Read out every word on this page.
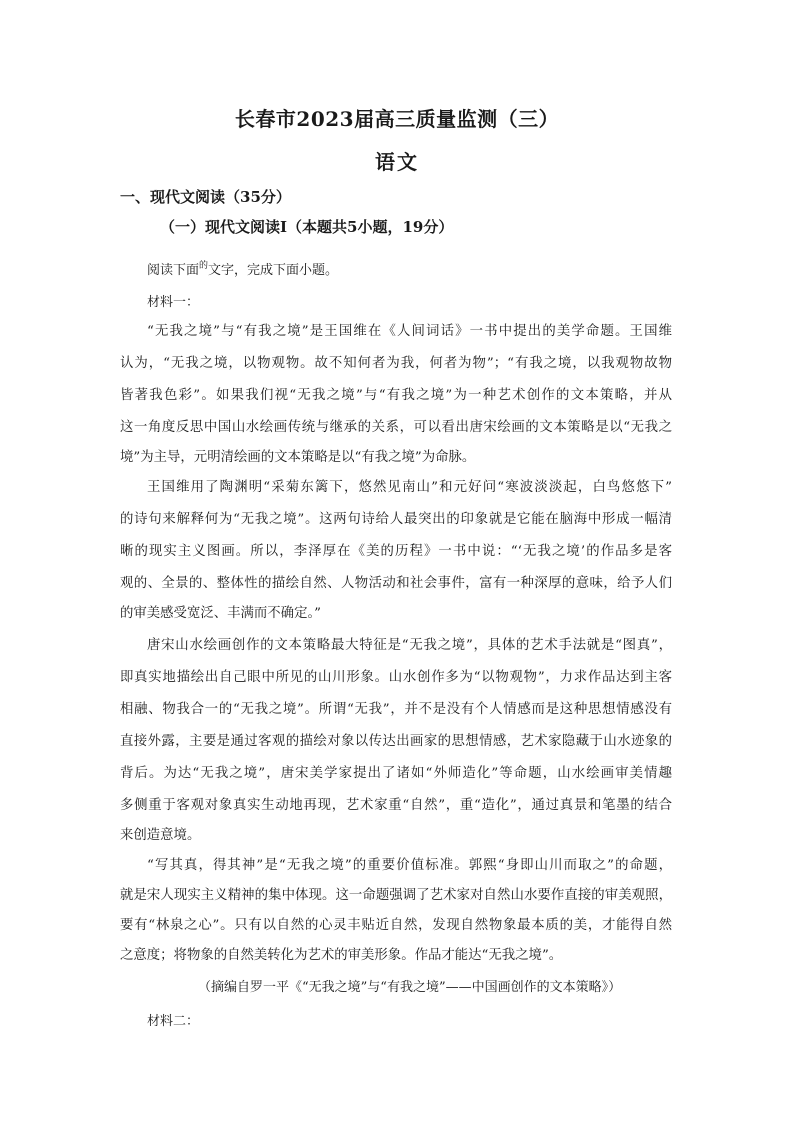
长春市2023届高三质量监测（三）
语文
一、现代文阅读（35分）
（一）现代文阅读Ⅰ（本题共5小题，19分）
阅读下面$^的$文字，完成下面小题。
材料一：
“无我之境”与“有我之境”是王国维在《人间词话》一书中提出的美学命题。王国维
认为，“无我之境，以物观物。故不知何者为我，何者为物”；“有我之境，以我观物故物
皆著我色彩”。如果我们视“无我之境”与“有我之境”为一种艺术创作的文本策略，并从
这一角度反思中国山水绘画传统与继承的关系，可以看出唐宋绘画的文本策略是以“无我之
境”为主导，元明清绘画的文本策略是以“有我之境”为命脉。
王国维用了陶渊明“采菊东篱下，悠然见南山”和元好问“寒波淡淡起，白鸟悠悠下”
的诗句来解释何为“无我之境”。这两句诗给人最突出的印象就是它能在脑海中形成一幅清
晰的现实主义图画。所以，李泽厚在《美的历程》一书中说：“‘无我之境’的作品多是客
观的、全景的、整体性的描绘自然、人物活动和社会事件，富有一种深厚的意味，给予人们
的审美感受宽泛、丰满而不确定。”
唐宋山水绘画创作的文本策略最大特征是“无我之境”，具体的艺术手法就是“图真”，
即真实地描绘出自己眼中所见的山川形象。山水创作多为“以物观物”，力求作品达到主客
相融、物我合一的“无我之境”。所谓“无我”，并不是没有个人情感而是这种思想情感没有
直接外露，主要是通过客观的描绘对象以传达出画家的思想情感，艺术家隐藏于山水迹象的
背后。为达“无我之境”，唐宋美学家提出了诸如“外师造化”等命题，山水绘画审美情趣
多侧重于客观对象真实生动地再现，艺术家重“自然”，重“造化”，通过真景和笔墨的结合
来创造意境。
“写其真，得其神”是“无我之境”的重要价值标准。郭熙“身即山川而取之”的命题，
就是宋人现实主义精神的集中体现。这一命题强调了艺术家对自然山水要作直接的审美观照，
要有“林泉之心”。只有以自然的心灵丰贴近自然，发现自然物象最本质的美，才能得自然
之意度；将物象的自然美转化为艺术的审美形象。作品才能达“无我之境”。
（摘编自罗一平《“无我之境”与“有我之境”——中国画创作的文本策略》）
材料二：
